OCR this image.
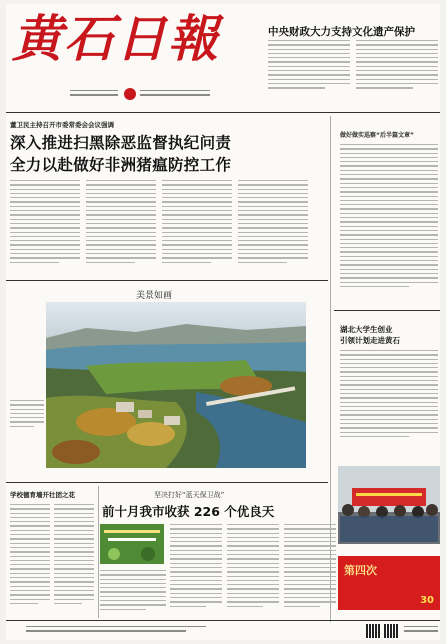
黄石日報	中央财政大力支持文化遗产保护
董卫民主持召开市委常委会会议强调
深入推进扫黑除恶监督执纪问责
全力以赴做好非洲猪瘟防控工作
美景如画
做好做实巡察“后半篇文章”
湖北大学生创业
引领计划走进黄石
第四次
30
学校德育墙开壮团之花	坚决打好“蓝天保卫战”
前十月我市收获 226 个优良天
